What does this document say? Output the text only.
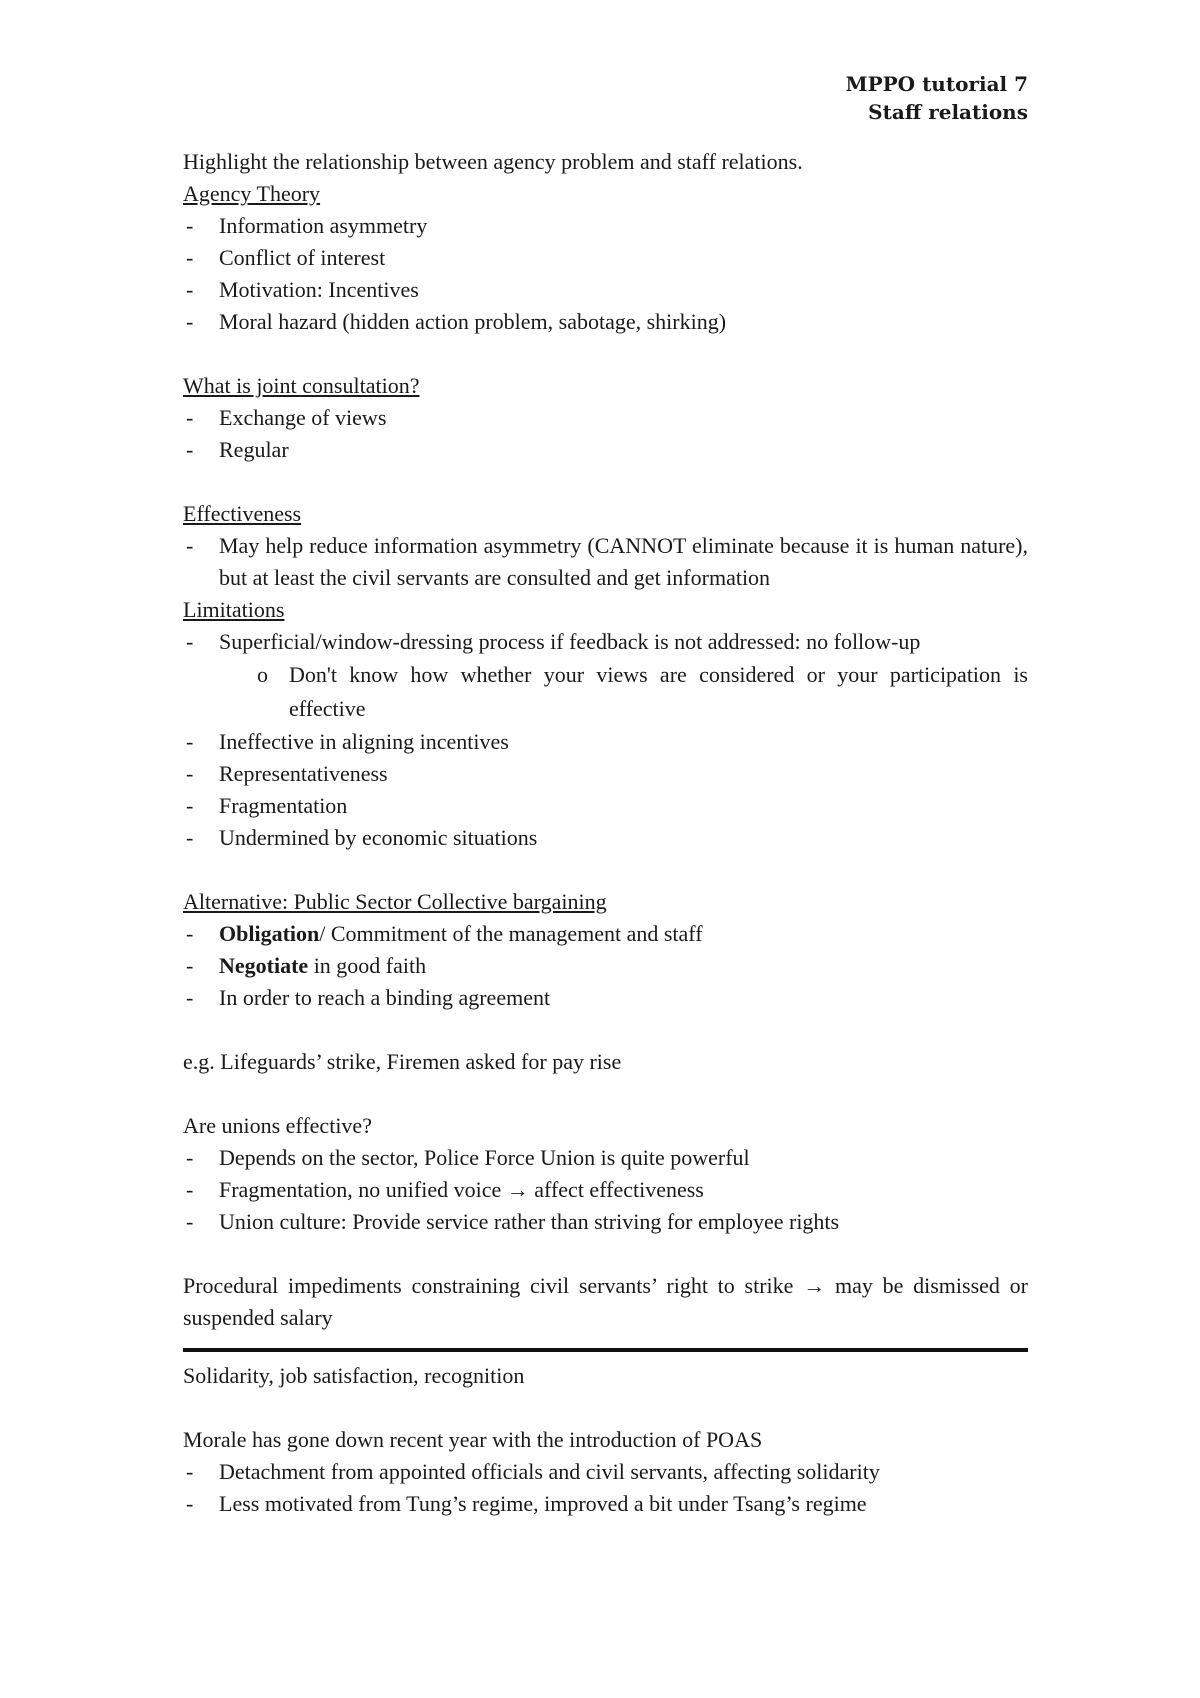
MPPO tutorial 7
Staff relations

Highlight the relationship between agency problem and staff relations.

Agency Theory

- Information asymmetry
- Conflict of interest
- Motivation: Incentives
- Moral hazard (hidden action problem, sabotage, shirking)

What is joint consultation?

- Exchange of views
- Regular

Effectiveness

- May help reduce information asymmetry (CANNOT eliminate because it is human nature), but at least the civil servants are consulted and get information

Limitations

- Superficial/window-dressing process if feedback is not addressed: no follow-up
o Don't know how whether your views are considered or your participation is effective
- Ineffective in aligning incentives
- Representativeness
- Fragmentation
- Undermined by economic situations

Alternative: Public Sector Collective bargaining

- Obligation/ Commitment of the management and staff
- Negotiate in good faith
- In order to reach a binding agreement

e.g. Lifeguards’ strike, Firemen asked for pay rise

Are unions effective?

- Depends on the sector, Police Force Union is quite powerful
- Fragmentation, no unified voice → affect effectiveness
- Union culture: Provide service rather than striving for employee rights

Procedural impediments constraining civil servants’ right to strike → may be dismissed or suspended salary

Solidarity, job satisfaction, recognition

Morale has gone down recent year with the introduction of POAS

- Detachment from appointed officials and civil servants, affecting solidarity
- Less motivated from Tung’s regime, improved a bit under Tsang’s regime
